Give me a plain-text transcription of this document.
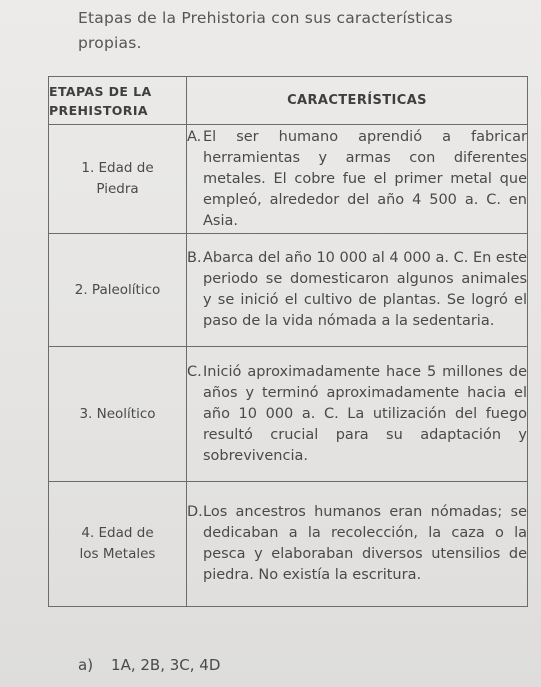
Etapas de la Prehistoria con sus características
propias.
ETAPAS DE LA
PREHISTORIA	CARACTERÍSTICAS
1. Edad de Piedra	A. El ser humano aprendió a fabricar herramientas y armas con diferentes metales. El cobre fue el primer metal que empleó, alrededor del año 4 500 a. C. en Asia.

2. Paleolítico	B.Abarca del año 10 000 al 4 000 a. C. En este periodo se domesticaron algunos animales y se inició el cultivo de plantas. Se logró el paso de la vida nómada a la sedentaria.

3. Neolítico	C.Inició aproximadamente hace 5 millones de años y terminó aproximadamente hacia el año 10 000 a. C. La utilización del fuego resultó crucial para su adaptación y sobrevivencia.

4. Edad de los Metales	D.Los ancestros humanos eran nómadas; se dedicaban a la recolección, la caza o la pesca y elaboraban diversos utensilios de piedra. No existía la escritura.
a) 1A, 2B, 3C, 4D
